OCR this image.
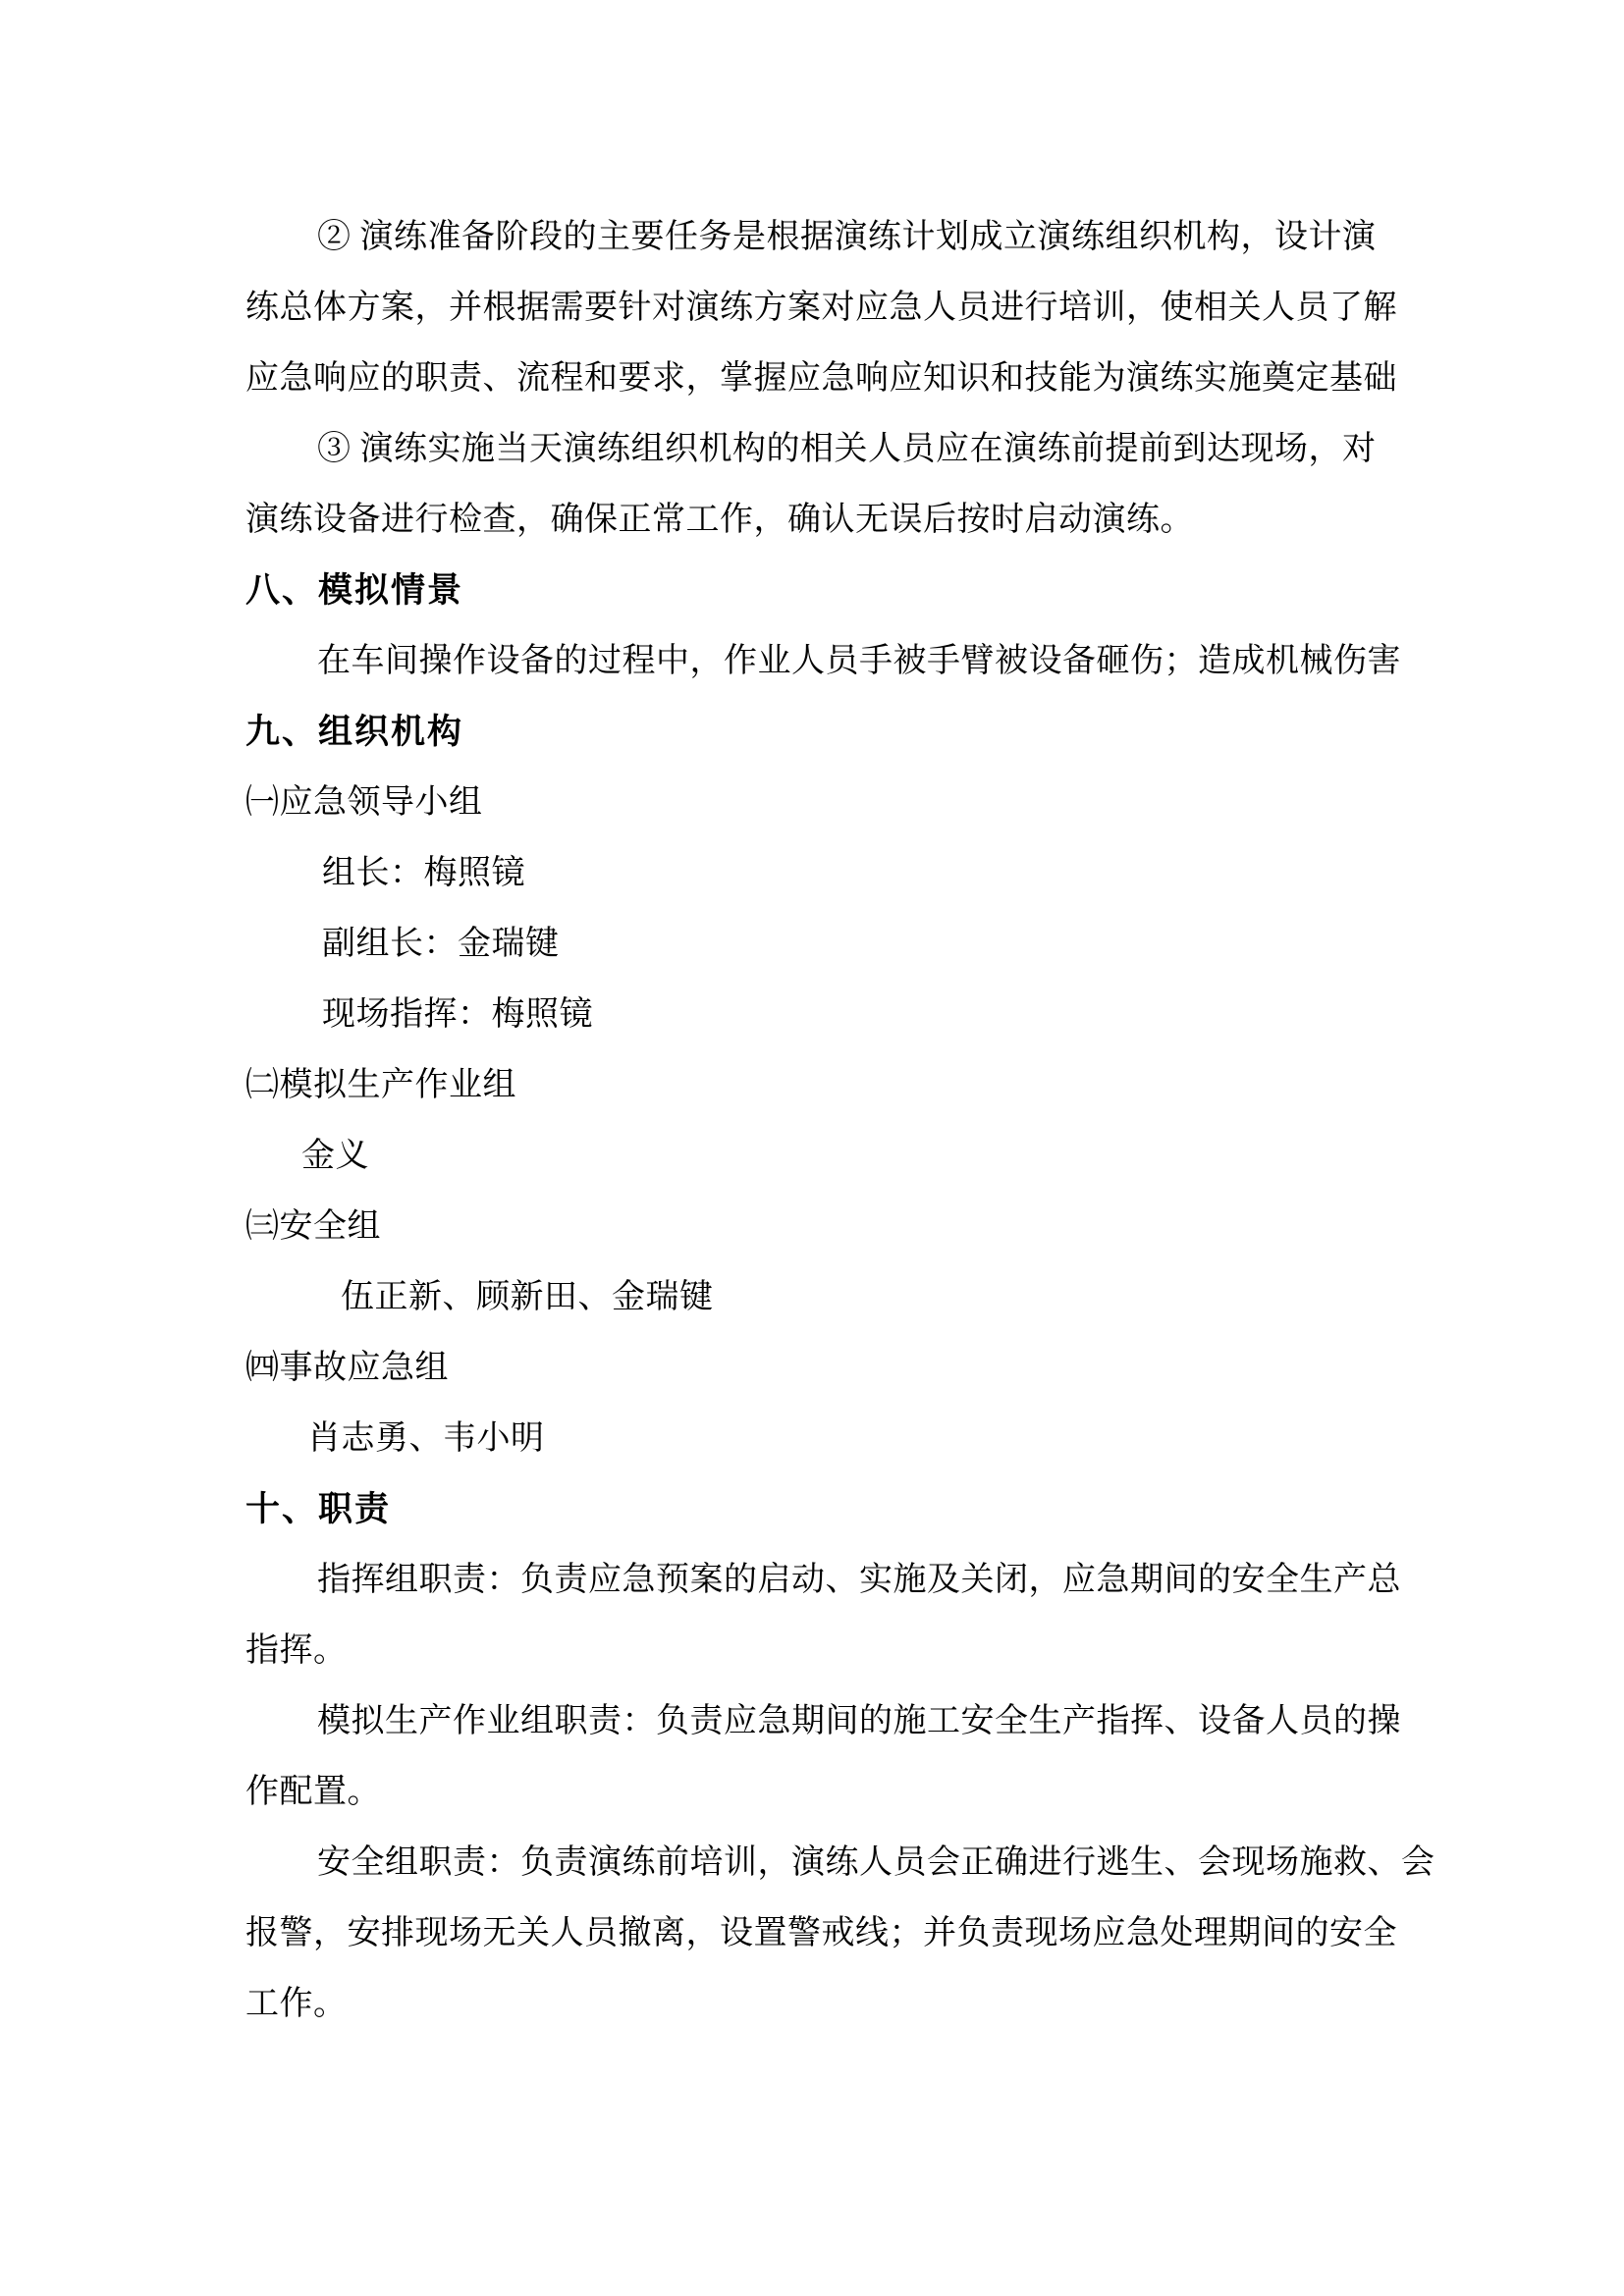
② 演练准备阶段的主要任务是根据演练计划成立演练组织机构，设计演
练总体方案，并根据需要针对演练方案对应急人员进行培训，使相关人员了解
应急响应的职责、流程和要求，掌握应急响应知识和技能为演练实施奠定基础
③ 演练实施当天演练组织机构的相关人员应在演练前提前到达现场，对
演练设备进行检查，确保正常工作，确认无误后按时启动演练。
八、模拟情景
在车间操作设备的过程中，作业人员手被手臂被设备砸伤；造成机械伤害
九、组织机构
㈠应急领导小组
组长：梅照镜
副组长：金瑞键
现场指挥：梅照镜
㈡模拟生产作业组
金义
㈢安全组
伍正新、顾新田、金瑞键
㈣事故应急组
肖志勇、韦小明
十、职责
指挥组职责：负责应急预案的启动、实施及关闭，应急期间的安全生产总
指挥。
模拟生产作业组职责：负责应急期间的施工安全生产指挥、设备人员的操
作配置。
安全组职责：负责演练前培训，演练人员会正确进行逃生、会现场施救、会
报警，安排现场无关人员撤离，设置警戒线；并负责现场应急处理期间的安全
工作。
